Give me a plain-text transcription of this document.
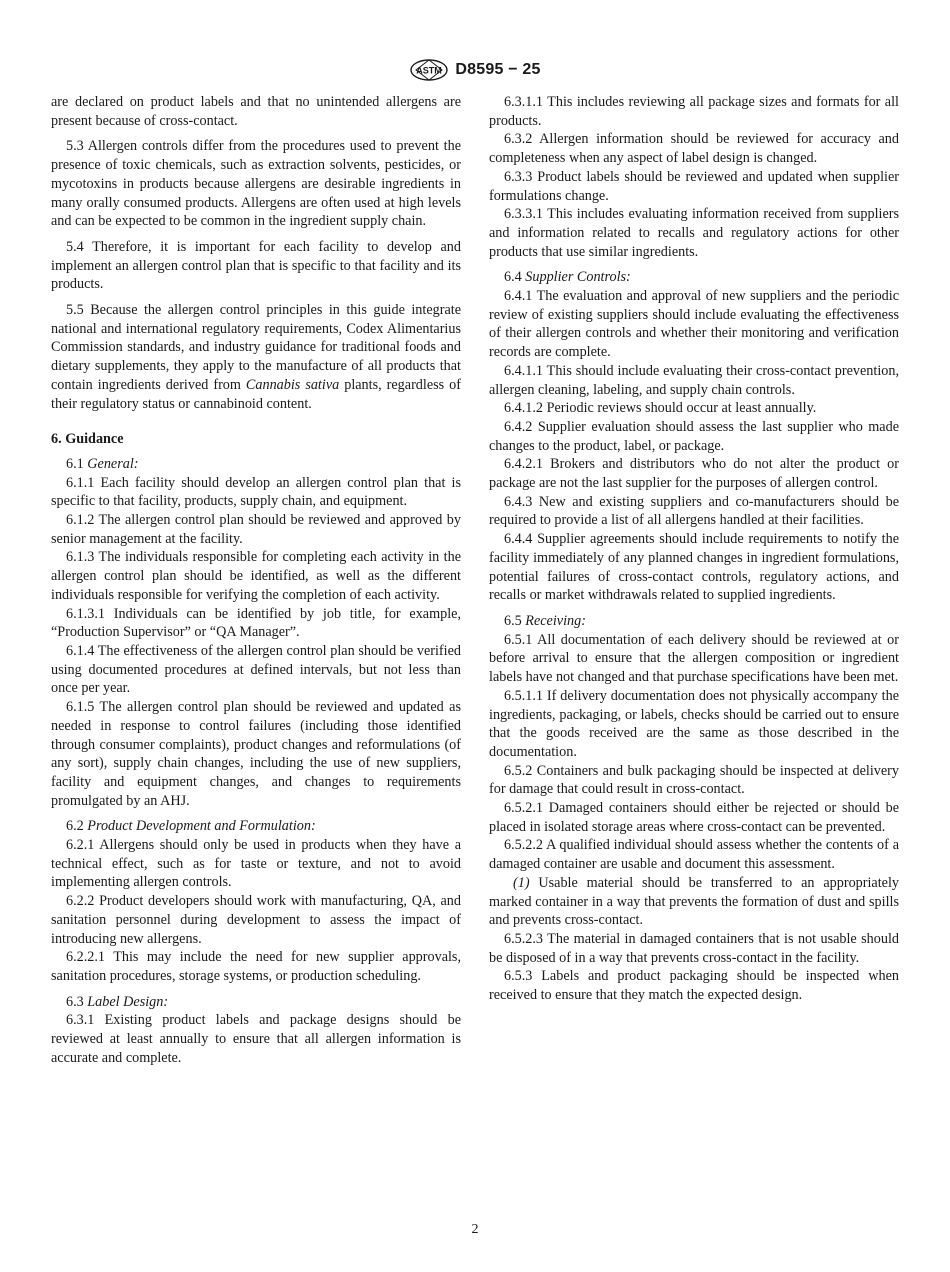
ASTM D8595 − 25

are declared on product labels and that no unintended allergens are present because of cross-contact.

5.3 Allergen controls differ from the procedures used to prevent the presence of toxic chemicals, such as extraction solvents, pesticides, or mycotoxins in products because allergens are desirable ingredients in many orally consumed products. Allergens are often used at high levels and can be expected to be common in the ingredient supply chain.

5.4 Therefore, it is important for each facility to develop and implement an allergen control plan that is specific to that facility and its products.

5.5 Because the allergen control principles in this guide integrate national and international regulatory requirements, Codex Alimentarius Commission standards, and industry guidance for traditional foods and dietary supplements, they apply to the manufacture of all products that contain ingredients derived from Cannabis sativa plants, regardless of their regulatory status or cannabinoid content.

6. Guidance

6.1 General:

6.1.1 Each facility should develop an allergen control plan that is specific to that facility, products, supply chain, and equipment.

6.1.2 The allergen control plan should be reviewed and approved by senior management at the facility.

6.1.3 The individuals responsible for completing each activity in the allergen control plan should be identified, as well as the different individuals responsible for verifying the completion of each activity.

6.1.3.1 Individuals can be identified by job title, for example, “Production Supervisor” or “QA Manager”.

6.1.4 The effectiveness of the allergen control plan should be verified using documented procedures at defined intervals, but not less than once per year.

6.1.5 The allergen control plan should be reviewed and updated as needed in response to control failures (including those identified through consumer complaints), product changes and reformulations (of any sort), supply chain changes, including the use of new suppliers, facility and equipment changes, and changes to requirements promulgated by an AHJ.

6.2 Product Development and Formulation:

6.2.1 Allergens should only be used in products when they have a technical effect, such as for taste or texture, and not to avoid implementing allergen controls.

6.2.2 Product developers should work with manufacturing, QA, and sanitation personnel during development to assess the impact of introducing new allergens.

6.2.2.1 This may include the need for new supplier approvals, sanitation procedures, storage systems, or production scheduling.

6.3 Label Design:

6.3.1 Existing product labels and package designs should be reviewed at least annually to ensure that all allergen information is accurate and complete.

6.3.1.1 This includes reviewing all package sizes and formats for all products.

6.3.2 Allergen information should be reviewed for accuracy and completeness when any aspect of label design is changed.

6.3.3 Product labels should be reviewed and updated when supplier formulations change.

6.3.3.1 This includes evaluating information received from suppliers and information related to recalls and regulatory actions for other products that use similar ingredients.

6.4 Supplier Controls:

6.4.1 The evaluation and approval of new suppliers and the periodic review of existing suppliers should include evaluating the effectiveness of their allergen controls and whether their monitoring and verification records are complete.

6.4.1.1 This should include evaluating their cross-contact prevention, allergen cleaning, labeling, and supply chain controls.

6.4.1.2 Periodic reviews should occur at least annually.

6.4.2 Supplier evaluation should assess the last supplier who made changes to the product, label, or package.

6.4.2.1 Brokers and distributors who do not alter the product or package are not the last supplier for the purposes of allergen control.

6.4.3 New and existing suppliers and co-manufacturers should be required to provide a list of all allergens handled at their facilities.

6.4.4 Supplier agreements should include requirements to notify the facility immediately of any planned changes in ingredient formulations, potential failures of cross-contact controls, regulatory actions, and recalls or market withdrawals related to supplied ingredients.

6.5 Receiving:

6.5.1 All documentation of each delivery should be reviewed at or before arrival to ensure that the allergen composition or ingredient labels have not changed and that purchase specifications have been met.

6.5.1.1 If delivery documentation does not physically accompany the ingredients, packaging, or labels, checks should be carried out to ensure that the goods received are the same as those described in the documentation.

6.5.2 Containers and bulk packaging should be inspected at delivery for damage that could result in cross-contact.

6.5.2.1 Damaged containers should either be rejected or should be placed in isolated storage areas where cross-contact can be prevented.

6.5.2.2 A qualified individual should assess whether the contents of a damaged container are usable and document this assessment.

(1) Usable material should be transferred to an appropriately marked container in a way that prevents the formation of dust and spills and prevents cross-contact.

6.5.2.3 The material in damaged containers that is not usable should be disposed of in a way that prevents cross-contact in the facility.

6.5.3 Labels and product packaging should be inspected when received to ensure that they match the expected design.

2
